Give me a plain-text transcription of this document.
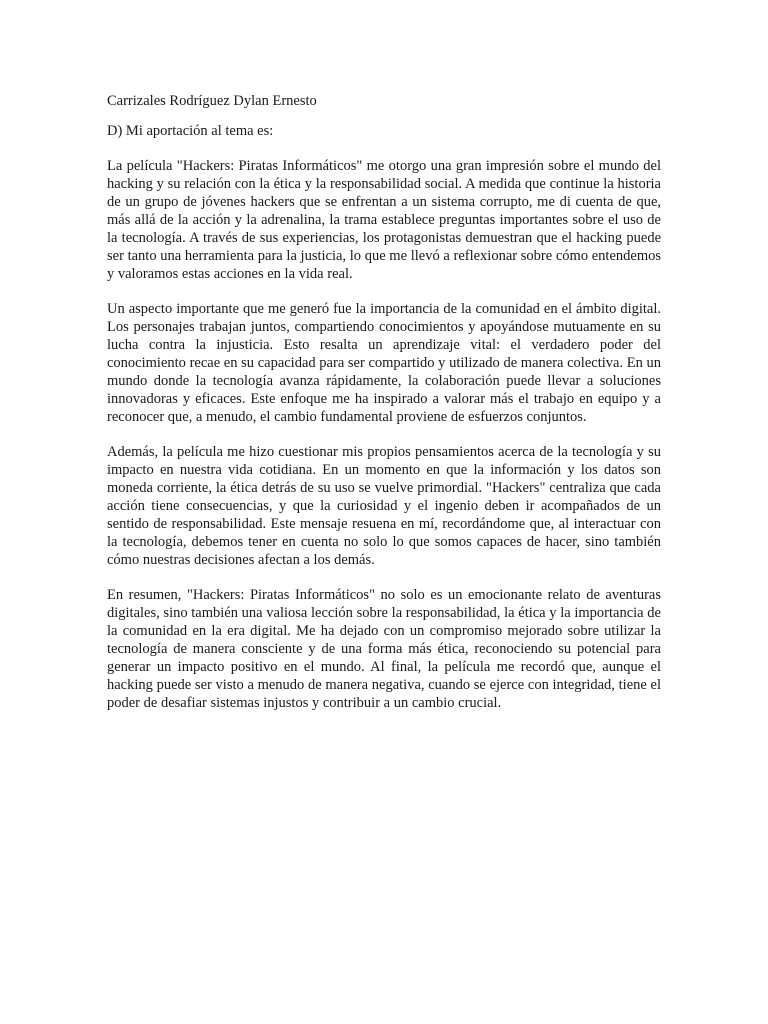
Carrizales Rodríguez Dylan Ernesto

D) Mi aportación al tema es:

La película "Hackers: Piratas Informáticos" me otorgo una gran impresión sobre el mundo del hacking y su relación con la ética y la responsabilidad social. A medida que continue la historia de un grupo de jóvenes hackers que se enfrentan a un sistema corrupto, me di cuenta de que, más allá de la acción y la adrenalina, la trama establece preguntas importantes sobre el uso de la tecnología. A través de sus experiencias, los protagonistas demuestran que el hacking puede ser tanto una herramienta para la justicia, lo que me llevó a reflexionar sobre cómo entendemos y valoramos estas acciones en la vida real.

Un aspecto importante que me generó fue la importancia de la comunidad en el ámbito digital. Los personajes trabajan juntos, compartiendo conocimientos y apoyándose mutuamente en su lucha contra la injusticia. Esto resalta un aprendizaje vital: el verdadero poder del conocimiento recae en su capacidad para ser compartido y utilizado de manera colectiva. En un mundo donde la tecnología avanza rápidamente, la colaboración puede llevar a soluciones innovadoras y eficaces. Este enfoque me ha inspirado a valorar más el trabajo en equipo y a reconocer que, a menudo, el cambio fundamental proviene de esfuerzos conjuntos.

Además, la película me hizo cuestionar mis propios pensamientos acerca de la tecnología y su impacto en nuestra vida cotidiana. En un momento en que la información y los datos son moneda corriente, la ética detrás de su uso se vuelve primordial. "Hackers" centraliza que cada acción tiene consecuencias, y que la curiosidad y el ingenio deben ir acompañados de un sentido de responsabilidad. Este mensaje resuena en mí, recordándome que, al interactuar con la tecnología, debemos tener en cuenta no solo lo que somos capaces de hacer, sino también cómo nuestras decisiones afectan a los demás.

En resumen, "Hackers: Piratas Informáticos" no solo es un emocionante relato de aventuras digitales, sino también una valiosa lección sobre la responsabilidad, la ética y la importancia de la comunidad en la era digital. Me ha dejado con un compromiso mejorado sobre utilizar la tecnología de manera consciente y de una forma más ética, reconociendo su potencial para generar un impacto positivo en el mundo. Al final, la película me recordó que, aunque el hacking puede ser visto a menudo de manera negativa, cuando se ejerce con integridad, tiene el poder de desafiar sistemas injustos y contribuir a un cambio crucial.
